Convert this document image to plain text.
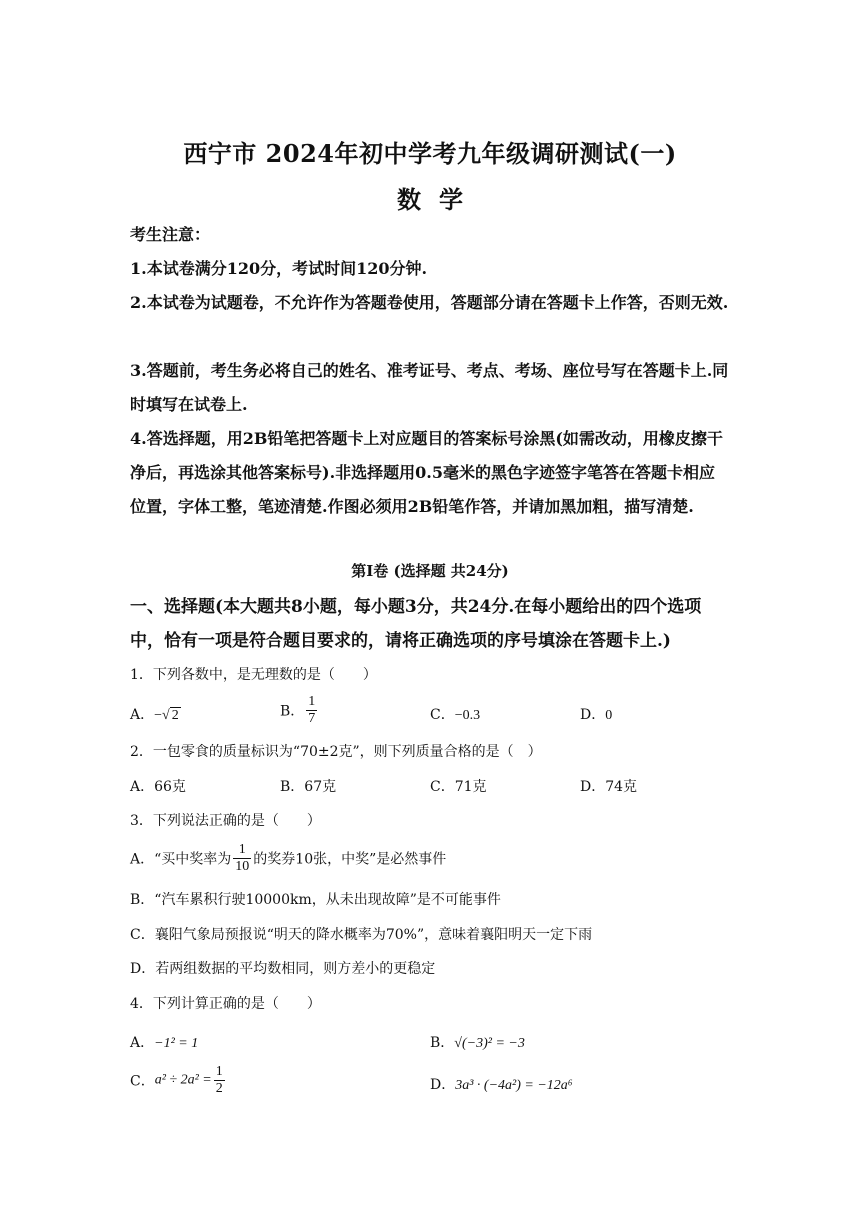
西宁市 2024年初中学考九年级调研测试(一)
数学
考生注意：
1.本试卷满分120分，考试时间120分钟.
2.本试卷为试题卷，不允许作为答题卷使用，答题部分请在答题卡上作答，否则无效.
3.答题前，考生务必将自己的姓名、准考证号、考点、考场、座位号写在答题卡上.同时填写在试卷上.
4.答选择题，用2B铅笔把答题卡上对应题目的答案标号涂黑(如需改动，用橡皮擦干净后，再选涂其他答案标号).非选择题用0.5毫米的黑色字迹签字笔答在答题卡相应位置，字体工整，笔迹清楚.作图必须用2B铅笔作答，并请加黑加粗，描写清楚.
第Ⅰ卷 (选择题 共24分)
一、选择题(本大题共8小题，每小题3分，共24分.在每小题给出的四个选项中，恰有一项是符合题目要求的，请将正确选项的序号填涂在答题卡上.)
1．下列各数中，是无理数的是（　　）
A．−√ 2	B． $\frac{1}{7}$	C．−0.3	D．0
2．一包零食的质量标识为“70±2克”，则下列质量合格的是（　）
A．66克	B．67克	C．71克	D．74克
3．下列说法正确的是（　　）
A．“买中奖率为 $\frac{1}{10}$ 的奖券10张，中奖”是必然事件
B．“汽车累积行驶10000km，从未出现故障”是不可能事件
C．襄阳气象局预报说“明天的降水概率为70%”，意味着襄阳明天一定下雨
D．若两组数据的平均数相同，则方差小的更稳定
4．下列计算正确的是（　　）
A．−1² = 1	B．√(−3)² = −3
C．$a^2 \div 2a^2 = \frac{1}{2}$	D．3a³ · (−4a²) = −12a⁶
